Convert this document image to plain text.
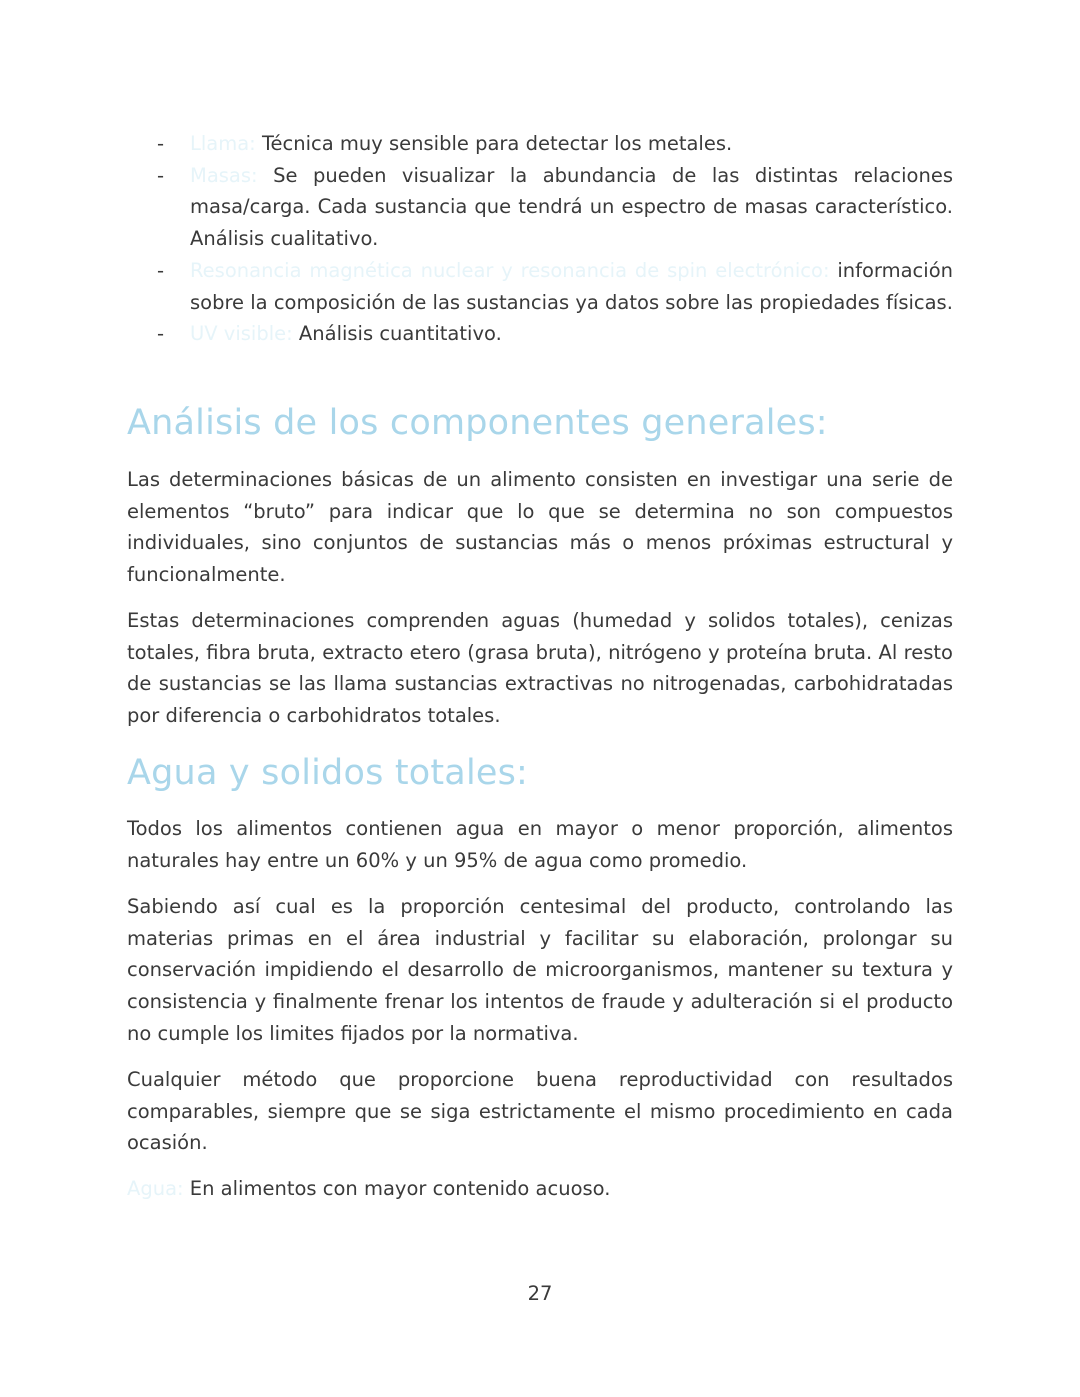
- Llama: Técnica muy sensible para detectar los metales.
- Masas: Se pueden visualizar la abundancia de las distintas relaciones masa/carga. Cada sustancia que tendrá un espectro de masas característico. Análisis cualitativo.
- Resonancia magnética nuclear y resonancia de spin electrónico: información sobre la composición de las sustancias ya datos sobre las propiedades físicas.
- UV visible: Análisis cuantitativo.
Análisis de los componentes generales:

Las determinaciones básicas de un alimento consisten en investigar una serie de elementos “bruto” para indicar que lo que se determina no son compuestos individuales, sino conjuntos de sustancias más o menos próximas estructural y funcionalmente.

Estas determinaciones comprenden aguas (humedad y solidos totales), cenizas totales, fibra bruta, extracto etero (grasa bruta), nitrógeno y proteína bruta. Al resto de sustancias se las llama sustancias extractivas no nitrogenadas, carbohidratadas por diferencia o carbohidratos totales.

Agua y solidos totales:

Todos los alimentos contienen agua en mayor o menor proporción, alimentos naturales hay entre un 60% y un 95% de agua como promedio.

Sabiendo así cual es la proporción centesimal del producto, controlando las materias primas en el área industrial y facilitar su elaboración, prolongar su conservación impidiendo el desarrollo de microorganismos, mantener su textura y consistencia y finalmente frenar los intentos de fraude y adulteración si el producto no cumple los limites fijados por la normativa.

Cualquier método que proporcione buena reproductividad con resultados comparables, siempre que se siga estrictamente el mismo procedimiento en cada ocasión.

Agua: En alimentos con mayor contenido acuoso.

27
